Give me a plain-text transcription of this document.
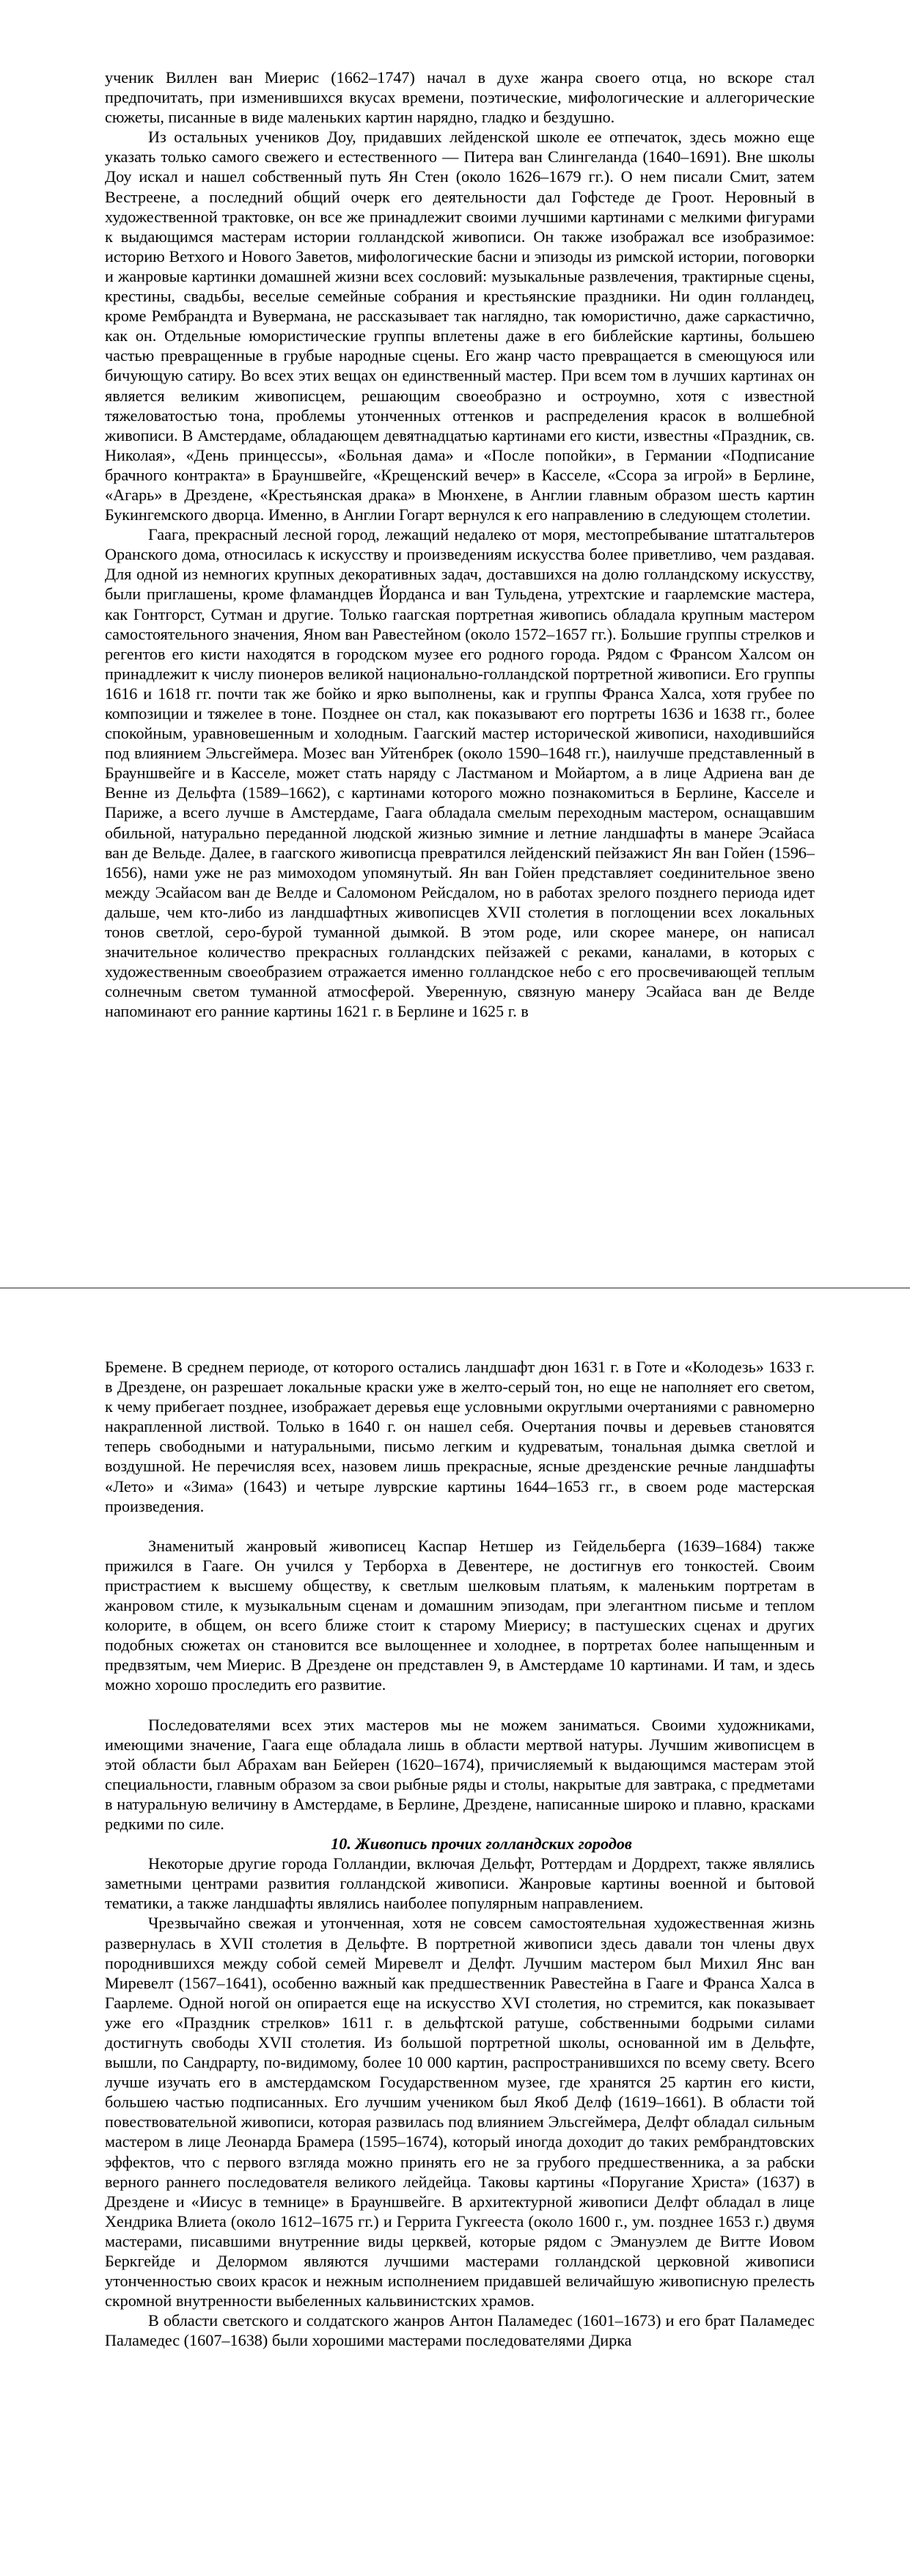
ученик Виллен ван Миерис (1662–1747) начал в духе жанра своего отца, но вскоре стал предпочитать, при изменившихся вкусах времени, поэтические, мифологические и аллегорические сюжеты, писанные в виде маленьких картин нарядно, гладко и бездушно.

Из остальных учеников Доу, придавших лейденской школе ее отпечаток, здесь можно еще указать только самого свежего и естественного — Питера ван Слингеланда (1640–1691). Вне школы Доу искал и нашел собственный путь Ян Стен (около 1626–1679 гг.). О нем писали Смит, затем Вестреене, а последний общий очерк его деятельности дал Гофстеде де Гроот. Неровный в художественной трактовке, он все же принадлежит своими лучшими картинами с мелкими фигурами к выдающимся мастерам истории голландской живописи. Он также изображал все изобразимое: историю Ветхого и Нового Заветов, мифологические басни и эпизоды из римской истории, поговорки и жанровые картинки домашней жизни всех сословий: музыкальные развлечения, трактирные сцены, крестины, свадьбы, веселые семейные собрания и крестьянские праздники. Ни один голландец, кроме Рембрандта и Вувермана, не рассказывает так наглядно, так юмористично, даже саркастично, как он. Отдельные юмористические группы вплетены даже в его библейские картины, большею частью превращенные в грубые народные сцены. Его жанр часто превращается в смеющуюся или бичующую сатиру. Во всех этих вещах он единственный мастер. При всем том в лучших картинах он является великим живописцем, решающим своеобразно и остроумно, хотя с известной тяжеловатостью тона, проблемы утонченных оттенков и распределения красок в волшебной живописи. В Амстердаме, обладающем девятнадцатью картинами его кисти, известны «Праздник, св. Николая», «День принцессы», «Больная дама» и «После попойки», в Германии «Подписание брачного контракта» в Брауншвейге, «Крещенский вечер» в Касселе, «Ссора за игрой» в Берлине, «Агарь» в Дрездене, «Крестьянская драка» в Мюнхене, в Англии главным образом шесть картин Букингемского дворца. Именно, в Англии Гогарт вернулся к его направлению в следующем столетии.

Гаага, прекрасный лесной город, лежащий недалеко от моря, местопребывание штатгальтеров Оранского дома, относилась к искусству и произведениям искусства более приветливо, чем раздавая. Для одной из немногих крупных декоративных задач, доставшихся на долю голландскому искусству, были приглашены, кроме фламандцев Йорданса и ван Тульдена, утрехтские и гаарлемские мастера, как Гонтгорст, Сутман и другие. Только гаагская портретная живопись обладала крупным мастером самостоятельного значения, Яном ван Равестейном (около 1572–1657 гг.). Большие группы стрелков и регентов его кисти находятся в городском музее его родного города. Рядом с Франсом Халсом он принадлежит к числу пионеров великой национально-голландской портретной живописи. Его группы 1616 и 1618 гг. почти так же бойко и ярко выполнены, как и группы Франса Халса, хотя грубее по композиции и тяжелее в тоне. Позднее он стал, как показывают его портреты 1636 и 1638 гг., более спокойным, уравновешенным и холодным. Гаагский мастер исторической живописи, находившийся под влиянием Эльсгеймера. Мозес ван Уйтенбрек (около 1590–1648 гг.), наилучше представленный в Брауншвейге и в Касселе, может стать наряду с Ластманом и Мойартом, а в лице Адриена ван де Венне из Дельфта (1589–1662), с картинами которого можно познакомиться в Берлине, Касселе и Париже, а всего лучше в Амстердаме, Гаага обладала смелым переходным мастером, оснащавшим обильной, натурально переданной людской жизнью зимние и летние ландшафты в манере Эсайаса ван де Вельде. Далее, в гаагского живописца превратился лейденский пейзажист Ян ван Гойен (1596–1656), нами уже не раз мимоходом упомянутый. Ян ван Гойен представляет соединительное звено между Эсайасом ван де Велде и Саломоном Рейсдалом, но в работах зрелого позднего периода идет дальше, чем кто-либо из ландшафтных живописцев XVII столетия в поглощении всех локальных тонов светлой, серо-бурой туманной дымкой. В этом роде, или скорее манере, он написал значительное количество прекрасных голландских пейзажей с реками, каналами, в которых с художественным своеобразием отражается именно голландское небо с его просвечивающей теплым солнечным светом туманной атмосферой. Уверенную, связную манеру Эсайаса ван де Велде напоминают его ранние картины 1621 г. в Берлине и 1625 г. в

Бремене. В среднем периоде, от которого остались ландшафт дюн 1631 г. в Готе и «Колодезь» 1633 г. в Дрездене, он разрешает локальные краски уже в желто-серый тон, но еще не наполняет его светом, к чему прибегает позднее, изображает деревья еще условными округлыми очертаниями с равномерно накрапленной листвой. Только в 1640 г. он нашел себя. Очертания почвы и деревьев становятся теперь свободными и натуральными, письмо легким и кудреватым, тональная дымка светлой и воздушной. Не перечисляя всех, назовем лишь прекрасные, ясные дрезденские речные ландшафты «Лето» и «Зима» (1643) и четыре луврские картины 1644–1653 гг., в своем роде мастерская произведения.

Знаменитый жанровый живописец Каспар Нетшер из Гейдельберга (1639–1684) также прижился в Гааге. Он учился у Терборха в Девентере, не достигнув его тонкостей. Своим пристрастием к высшему обществу, к светлым шелковым платьям, к маленьким портретам в жанровом стиле, к музыкальным сценам и домашним эпизодам, при элегантном письме и теплом колорите, в общем, он всего ближе стоит к старому Миерису; в пастушеских сценах и других подобных сюжетах он становится все вылощеннее и холоднее, в портретах более напыщенным и предвзятым, чем Миерис. В Дрездене он представлен 9, в Амстердаме 10 картинами. И там, и здесь можно хорошо проследить его развитие.

Последователями всех этих мастеров мы не можем заниматься. Своими художниками, имеющими значение, Гаага еще обладала лишь в области мертвой натуры. Лучшим живописцем в этой области был Абрахам ван Бейерен (1620–1674), причисляемый к выдающимся мастерам этой специальности, главным образом за свои рыбные ряды и столы, накрытые для завтрака, с предметами в натуральную величину в Амстердаме, в Берлине, Дрездене, написанные широко и плавно, красками редкими по силе.

10. Живопись прочих голландских городов

Некоторые другие города Голландии, включая Дельфт, Роттердам и Дордрехт, также являлись заметными центрами развития голландской живописи. Жанровые картины военной и бытовой тематики, а также ландшафты являлись наиболее популярным направлением.

Чрезвычайно свежая и утонченная, хотя не совсем самостоятельная художественная жизнь развернулась в XVII столетия в Дельфте. В портретной живописи здесь давали тон члены двух породнившихся между собой семей Миревелт и Делфт. Лучшим мастером был Михил Янс ван Миревелт (1567–1641), особенно важный как предшественник Равестейна в Гааге и Франса Халса в Гаарлеме. Одной ногой он опирается еще на искусство XVI столетия, но стремится, как показывает уже его «Праздник стрелков» 1611 г. в дельфтской ратуше, собственными бодрыми силами достигнуть свободы XVII столетия. Из большой портретной школы, основанной им в Дельфте, вышли, по Сандрарту, по-видимому, более 10 000 картин, распространившихся по всему свету. Всего лучше изучать его в амстердамском Государственном музее, где хранятся 25 картин его кисти, большею частью подписанных. Его лучшим учеником был Якоб Делф (1619–1661). В области той повествовательной живописи, которая развилась под влиянием Эльсгеймера, Делфт обладал сильным мастером в лице Леонарда Брамера (1595–1674), который иногда доходит до таких рембрандтовских эффектов, что с первого взгляда можно принять его не за грубого предшественника, а за рабски верного раннего последователя великого лейдейца. Таковы картины «Поругание Христа» (1637) в Дрездене и «Иисус в темнице» в Брауншвейге. В архитектурной живописи Делфт обладал в лице Хендрика Влиета (около 1612–1675 гг.) и Геррита Гукгееста (около 1600 г., ум. позднее 1653 г.) двумя мастерами, писавшими внутренние виды церквей, которые рядом с Эмануэлем де Витте Иовом Беркгейде и Делормом являются лучшими мастерами голландской церковной живописи утонченностью своих красок и нежным исполнением придавшей величайшую живописную прелесть скромной внутренности выбеленных кальвинистских храмов.

В области светского и солдатского жанров Антон Паламедес (1601–1673) и его брат Паламедес Паламедес (1607–1638) были хорошими мастерами последователями Дирка
